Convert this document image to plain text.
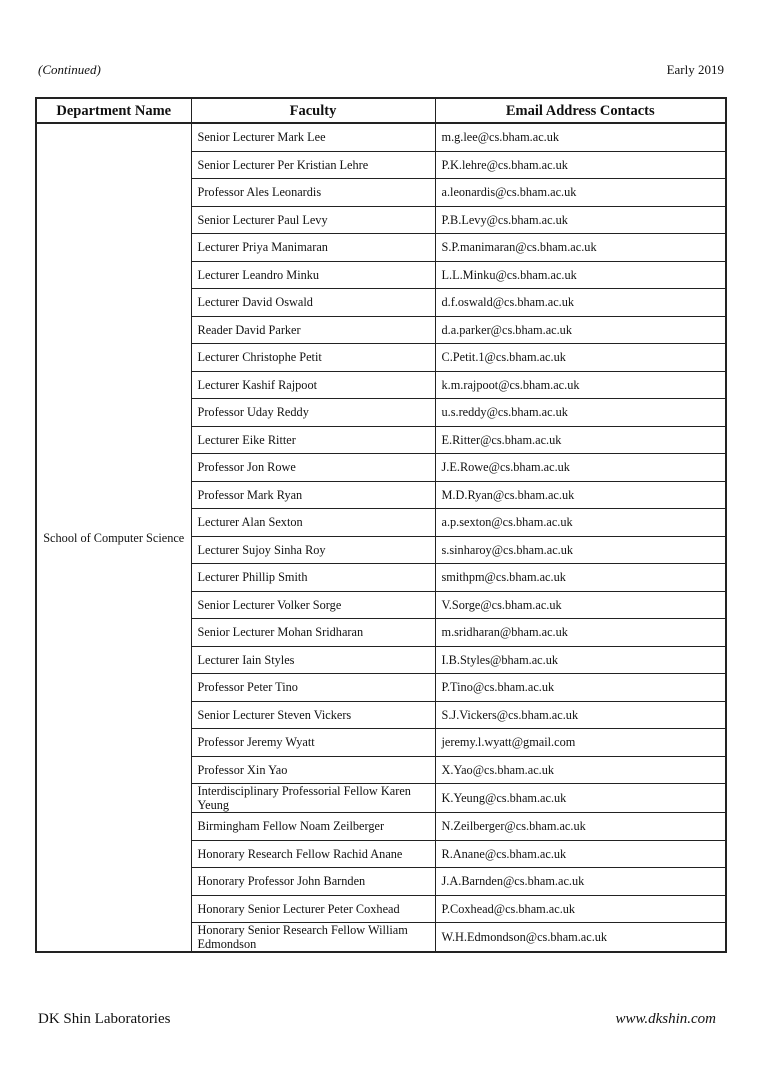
(Continued)	Early 2019
Department Name	Faculty	Email Address Contacts
School of Computer Science	Senior Lecturer Mark Lee	m.g.lee@cs.bham.ac.uk
	Senior Lecturer Per Kristian Lehre	P.K.lehre@cs.bham.ac.uk
	Professor Ales Leonardis	a.leonardis@cs.bham.ac.uk
	Senior Lecturer Paul Levy	P.B.Levy@cs.bham.ac.uk
	Lecturer Priya Manimaran	S.P.manimaran@cs.bham.ac.uk
	Lecturer Leandro Minku	L.L.Minku@cs.bham.ac.uk
	Lecturer David Oswald	d.f.oswald@cs.bham.ac.uk
	Reader David Parker	d.a.parker@cs.bham.ac.uk
	Lecturer Christophe Petit	C.Petit.1@cs.bham.ac.uk
	Lecturer Kashif Rajpoot	k.m.rajpoot@cs.bham.ac.uk
	Professor Uday Reddy	u.s.reddy@cs.bham.ac.uk
	Lecturer Eike Ritter	E.Ritter@cs.bham.ac.uk
	Professor Jon Rowe	J.E.Rowe@cs.bham.ac.uk
	Professor Mark Ryan	M.D.Ryan@cs.bham.ac.uk
	Lecturer Alan Sexton	a.p.sexton@cs.bham.ac.uk
	Lecturer Sujoy Sinha Roy	s.sinharoy@cs.bham.ac.uk
	Lecturer Phillip Smith	smithpm@cs.bham.ac.uk
	Senior Lecturer Volker Sorge	V.Sorge@cs.bham.ac.uk
	Senior Lecturer Mohan Sridharan	m.sridharan@bham.ac.uk
	Lecturer Iain Styles	I.B.Styles@bham.ac.uk
	Professor Peter Tino	P.Tino@cs.bham.ac.uk
	Senior Lecturer Steven Vickers	S.J.Vickers@cs.bham.ac.uk
	Professor Jeremy Wyatt	jeremy.l.wyatt@gmail.com
	Professor Xin Yao	X.Yao@cs.bham.ac.uk
	Interdisciplinary Professorial Fellow Karen Yeung	K.Yeung@cs.bham.ac.uk
	Birmingham Fellow Noam Zeilberger	N.Zeilberger@cs.bham.ac.uk
	Honorary Research Fellow Rachid Anane	R.Anane@cs.bham.ac.uk
	Honorary Professor John Barnden	J.A.Barnden@cs.bham.ac.uk
	Honorary Senior Lecturer Peter Coxhead	P.Coxhead@cs.bham.ac.uk
	Honorary Senior Research Fellow William Edmondson	W.H.Edmondson@cs.bham.ac.uk
DK Shin Laboratories	www.dkshin.com
